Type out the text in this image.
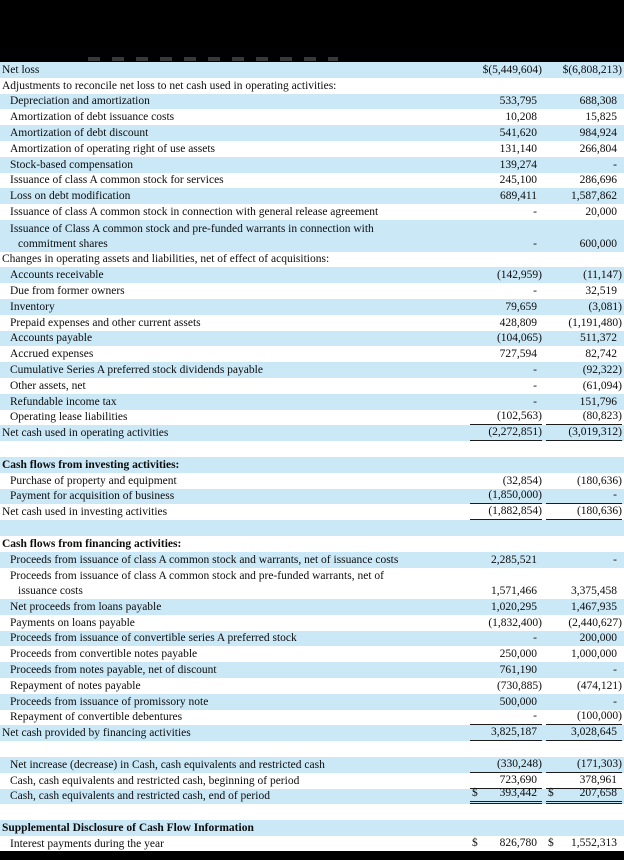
Net loss	$(5,449,604) $(6,808,213)
Adjustments to reconcile net loss to net cash used in operating activities:
Depreciation and amortization	533,795	688,308
Amortization of debt issuance costs	10,208	15,825
Amortization of debt discount	541,620	984,924
Amortization of operating right of use assets	131,140	266,804
Stock-based compensation	139,274	-
Issuance of class A common stock for services	245,100	286,696
Loss on debt modification	689,411	1,587,862
Issuance of class A common stock in connection with general release agreement	-	20,000
Issuance of Class A common stock and pre-funded warrants in connection with
commitment shares	-	600,000
Changes in operating assets and liabilities, net of effect of acquisitions:
Accounts receivable	(142,959)	(11,147)
Due from former owners	-	32,519
Inventory	79,659	(3,081)
Prepaid expenses and other current assets	428,809	(1,191,480)
Accounts payable	(104,065)	511,372
Accrued expenses	727,594	82,742
Cumulative Series A preferred stock dividends payable	-	(92,322)
Other assets, net	-	(61,094)
Refundable income tax	-	151,796
Operating lease liabilities	(102,563)	(80,823)
Net cash used in operating activities	(2,272,851) (3,019,312)
Cash flows from investing activities:
Purchase of property and equipment	(32,854)	(180,636)
Payment for acquisition of business	(1,850,000)	-
Net cash used in investing activities	(1,882,854)	(180,636)
Cash flows from financing activities:
Proceeds from issuance of class A common stock and warrants, net of issuance costs	2,285,521	-
Proceeds from issuance of class A common stock and pre-funded warrants, net of
issuance costs	1,571,466	3,375,458
Net proceeds from loans payable	1,020,295	1,467,935
Payments on loans payable	(1,832,400) (2,440,627)
Proceeds from issuance of convertible series A preferred stock	-	200,000
Proceeds from convertible notes payable	250,000	1,000,000
Proceeds from notes payable, net of discount	761,190	-
Repayment of notes payable	(730,885)	(474,121)
Proceeds from issuance of promissory note	500,000	-
Repayment of convertible debentures	-	(100,000)
Net cash provided by financing activities	3,825,187	3,028,645
Net increase (decrease) in Cash, cash equivalents and restricted cash	(330,248)	(171,303)
Cash, cash equivalents and restricted cash, beginning of period	723,690	378,961
Cash, cash equivalents and restricted cash, end of period	$ 393,442 $ 207,658
Supplemental Disclosure of Cash Flow Information
Interest payments during the year	$ 826,780 $ 1,552,313
